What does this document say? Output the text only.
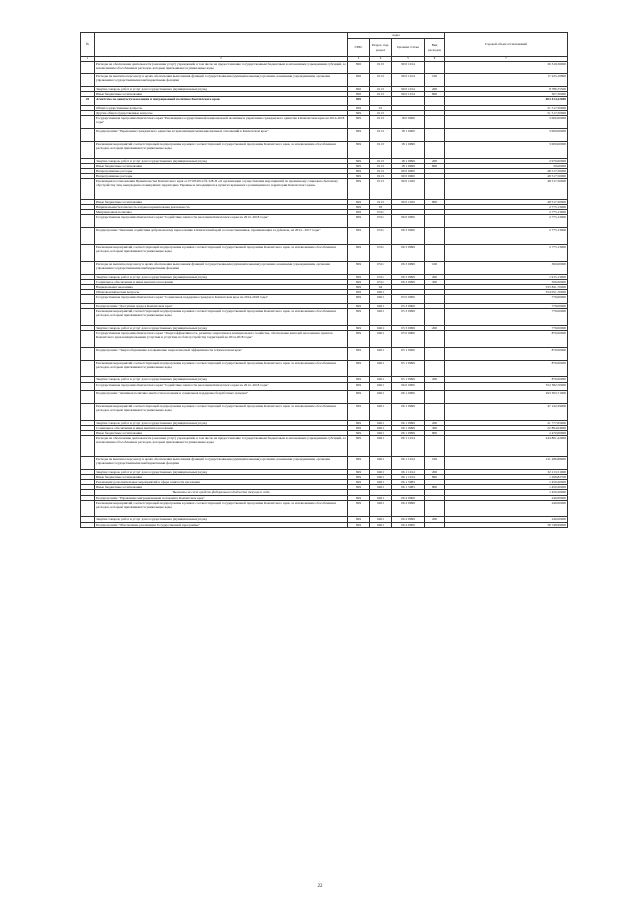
№		коды				Годовой объем ассигнований
		ГРБС	Раздел, под-раздел	Целевая статья	Вид расходов	
1	2	3	4	5	6	7
	Расходы на обеспечение деятельности (оказание услуг) учреждений, в том числе на предоставление государственным бюджетным и автономным учреждениям субсидий, за исключением обособленных расходов, которым присваиваются уникальные коды	826	0113	99 0 1014		26 319,36000
	Расходы на выплаты персоналу в целях обеспечения выполнения функций государственными (муниципальными) органами, казенными учреждениями, органами управления государственными внебюджетными фондами	826	0113	99 0 1014	100	17 225,10800
	Закупка товаров, работ и услуг для государственных (муниципальных) нужд	826	0113	99 0 1014	200	8 786,75500
	Иные бюджетные ассигнования	826	0113	99 0 1014	800	307,50000
20	Агентство по занятости населения и миграционной политике Камчатского края	829				603 414,32000
	Общегосударственные вопросы	829	01			51 517,50000
	Другие общегосударственные вопросы	829	0113			51 517,50000
	Государственная программа Камчатского края "Реализация государственной национальной политики и укрепление гражданского единства в Камчатском крае на 2014-2018 годы"	829	0113	18 0 0000		3 000,00000
	Подпрограмма "Укрепление гражданского единства и гармонизация межнациональных отношений в Камчатском крае"	829	0113	18 1 0000		3 000,00000
	Реализация мероприятий соответствующей подпрограммы в рамках соответствующей государственной программы Камчатского края, за исключением обособленных расходов, которым присваиваются уникальные коды	829	0113	18 1 0999		3 000,00000
	Закупка товаров, работ и услуг для государственных (муниципальных) нужд	829	0113	18 1 0999	200	2 970,00000
	Иные бюджетные ассигнования	829	0113	18 1 0999	800	30,00000
	Непрограммные расходы	829	0113	99 0 0000		48 517,50000
	Непрограммные расходы	829	0113	99 0 0000		48 517,50000
	Реализация постановления Правительства Камчатского края от 07.08.2014 № 328-П «О организации осуществления мероприятий по временному социально-бытовому обустройству лиц, вынужденно покинувших территорию Украины и находящихся в пунктах временного размещения на территории Камчатского края»	829	0113	99 0 1020		48 517,50000
	Иные бюджетные ассигнования	829	0113	99 0 1020	800	48 517,50000
	Национальная безопасность и правоохранительная деятельность	829	03			2 775,13000
	Миграционная политика	829	0311			2 775,13000
	Государственная программа Камчатского края "Содействие занятости населения Камчатского края на 2014 -2018 годы"	829	0311	06 0 0000		2 775,13000
	Подпрограмма "Оказание содействия добровольному переселению в Камчатский край соотечественников, проживающих за рубежом, на 2014 - 2017 годы"	829	0311	06 3 0000		2 775,13000
	Реализация мероприятий соответствующей подпрограммы в рамках соответствующей государственной программы Камчатского края, за исключением обособленных расходов, которым присваиваются уникальные коды	829	0311	06 3 0999		2 775,13000
	Расходы на выплаты персоналу в целях обеспечения выполнения функций государственными (муниципальными) органами, казенными учреждениями, органами управления государственными внебюджетными фондами	829	0311	06 3 0999	100	360,00000
	Закупка товаров, работ и услуг для государственных (муниципальных) нужд	829	0311	06 3 0999	200	1 915,13000
	Социальное обеспечение и иные выплаты населению	829	0311	06 3 0999	300	500,00000
	Национальная экономика	829	04			355 841,70000
	Общеэкономические вопросы	829	0401			354 051,70000
	Государственная программа Камчатского края "Социальная поддержка граждан в Камчатском крае на 2014-2018 годы"	829	0401	03 0 0000		779,00000
	Подпрограмма "Доступная среда в Камчатском крае"	829	0401	03 3 0000		779,00000
	Реализация мероприятий соответствующей подпрограммы в рамках соответствующей государственной программы Камчатского края, за исключением обособленных расходов, которым присваиваются уникальные коды	829	0401	03 3 0999		779,00000
	Закупка товаров, работ и услуг для государственных (муниципальных) нужд	829	0401	03 3 0999	200	779,00000
	Государственная программа Камчатского края "Энергоэффективность, развитие энергетики и коммунального хозяйства, обеспечение жителей населенных пунктов Камчатского края коммунальными услугами и услугами по благоустройству территорий на 2014-2018 годы"	829	0401	05 0 0000		870,00000
	Подпрограмма "Энергосбережение и повышение энергетической эффективности в Камчатском крае"	829	0401	05 1 0000		870,00000
	Реализация мероприятий соответствующей подпрограммы в рамках соответствующей государственной программы Камчатского края, за исключением обособленных расходов, которым присваиваются уникальные коды	829	0401	05 1 0999		870,00000
	Закупка товаров, работ и услуг для государственных (муниципальных) нужд	829	0401	05 1 0999	200	870,00000
	Государственная программа Камчатского края "Содействие занятости населения Камчатского края на 2014 -2018 годы"	829	0401	06 0 0000		352 382,70000
	Подпрограмма "Активная политика занятости населения и социальная поддержка безработных граждан"	829	0401	06 1 0000		293 393,71000
	Реализация мероприятий соответствующей подпрограммы в рамках соответствующей государственной программы Камчатского края, за исключением обособленных расходов, которым присваиваются уникальные коды	829	0401	06 1 0999		47 142,29000
	Закупка товаров, работ и услуг для государственных (муниципальных) нужд	829	0401	06 1 0999	200	21 777,65000
	Социальное обеспечение и иные выплаты населению	829	0401	06 1 0999	300	22 894,64000
	Иные бюджетные ассигнования	829	0401	06 1 0999	800	2 470,00000
	Расходы на обеспечение деятельности (оказание услуг) учреждений, в том числе на предоставление государственным бюджетным и автономным учреждениям субсидий, за исключением обособленных расходов, которым присваиваются уникальные коды	829	0401	06 1 1014		244 801,22000
	Расходы на выплаты персоналу в целях обеспечения выполнения функций государственными (муниципальными) органами, казенными учреждениями, органами управления государственными внебюджетными фондами	829	0401	06 1 1014	100	211 286,88000
	Закупка товаров, работ и услуг для государственных (муниципальных) нужд	829	0401	06 1 1014	200	32 213,51000
	Иные бюджетные ассигнования	829	0401	06 1 1014	800	1 298,82700
	Реализация дополнительных мероприятий в сфере занятости населения	829	0401	06 1 5083		1 450,20000
	Иные бюджетные ассигнования	829	0401	06 1 5083	800	1 450,20000
	Выплаты за счет средств федерального бюджета текущего года					1 450,20000
	Подпрограмма "Управление миграционными потоками в Камчатском крае"	829	0401	06 2 0000		240,00000
	Реализация мероприятий соответствующей подпрограммы в рамках соответствующей государственной программы Камчатского края, за исключением обособленных расходов, которым присваиваются уникальные коды	829	0401	06 2 0999		240,00000
	Закупка товаров, работ и услуг для государственных (муниципальных) нужд	829	0401	06 2 0999	200	240,00000
	Подпрограмма "Обеспечение реализации Государственной программы"	829	0401	06 4 0000		58 748,99000
22
